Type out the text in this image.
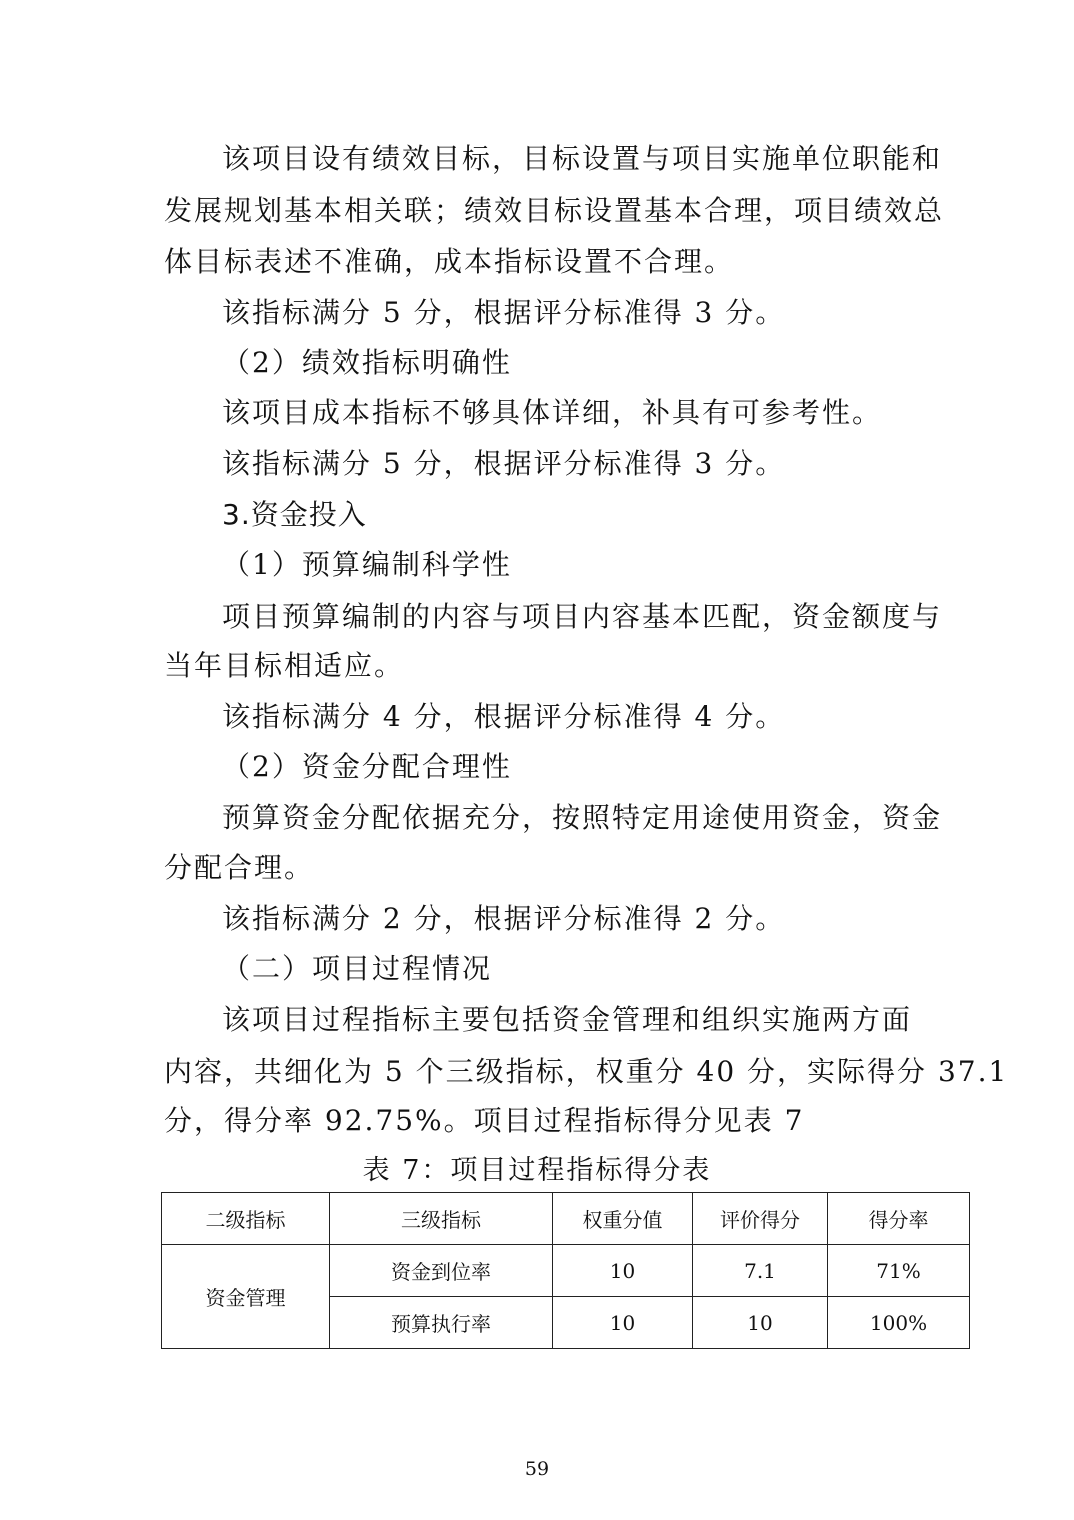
该项目设有绩效目标，目标设置与项目实施单位职能和
发展规划基本相关联；绩效目标设置基本合理，项目绩效总
体目标表述不准确，成本指标设置不合理。
该指标满分 5 分，根据评分标准得 3 分。
（2）绩效指标明确性
该项目成本指标不够具体详细，补具有可参考性。
该指标满分 5 分，根据评分标准得 3 分。
3.资金投入
（1）预算编制科学性
项目预算编制的内容与项目内容基本匹配，资金额度与
当年目标相适应。
该指标满分 4 分，根据评分标准得 4 分。
（2）资金分配合理性
预算资金分配依据充分，按照特定用途使用资金，资金
分配合理。
该指标满分 2 分，根据评分标准得 2 分。
（二）项目过程情况
该项目过程指标主要包括资金管理和组织实施两方面
内容，共细化为 5 个三级指标，权重分 40 分，实际得分 37.1
分，得分率 92.75%。项目过程指标得分见表 7
表 7：项目过程指标得分表
二级指标	三级指标	权重分值	评价得分	得分率
资金管理	资金到位率	10	7.1	71%
	预算执行率	10	10	100%
59
